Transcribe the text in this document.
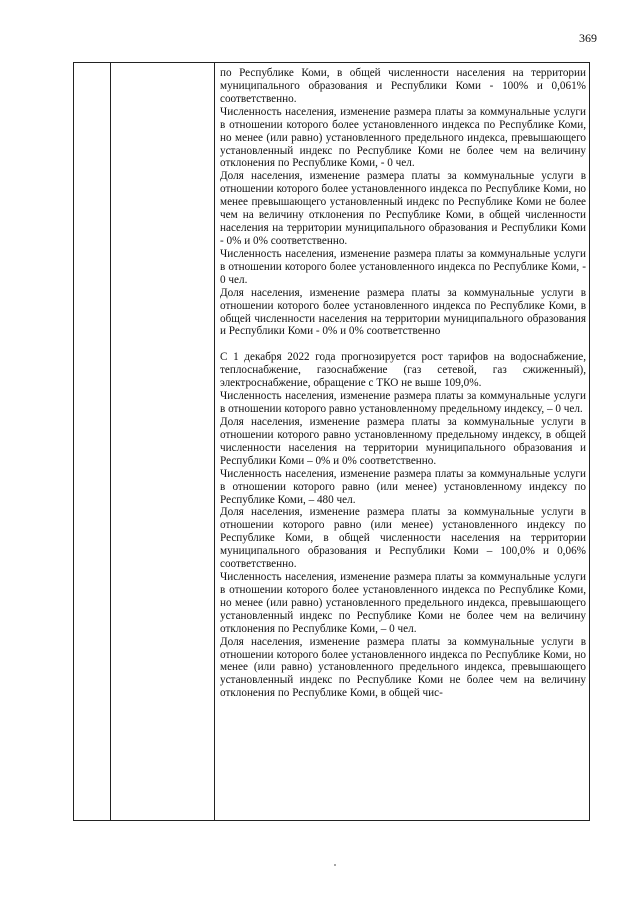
369

по Республике Коми, в общей численности населения на территории муниципального образования и Республики Коми - 100% и 0,061% соответственно.

Численность населения, изменение размера платы за коммунальные услуги в отношении которого более установленного индекса по Республике Коми, но менее (или равно) установленного предельного индекса, превышающего установленный индекс по Республике Коми не более чем на величину отклонения по Республике Коми, - 0 чел.

Доля населения, изменение размера платы за коммунальные услуги в отношении которого более установленного индекса по Республике Коми, но менее превышающего установленный индекс по Республике Коми не более чем на величину отклонения по Республике Коми, в общей численности населения на территории муниципального образования и Республики Коми - 0% и 0% соответственно.

Численность населения, изменение размера платы за коммунальные услуги в отношении которого более установленного индекса по Республике Коми, - 0 чел.

Доля населения, изменение размера платы за коммунальные услуги в отношении которого более установленного индекса по Республике Коми, в общей численности населения на территории муниципального образования и Республики Коми - 0% и 0% соответственно

С 1 декабря 2022 года прогнозируется рост тарифов на водоснабжение, теплоснабжение, газоснабжение (газ сетевой, газ сжиженный), электроснабжение, обращение с ТКО не выше 109,0%.

Численность населения, изменение размера платы за коммунальные услуги в отношении которого равно установленному предельному индексу, – 0 чел.

Доля населения, изменение размера платы за коммунальные услуги в отношении которого равно установленному предельному индексу, в общей численности населения на территории муниципального образования и Республики Коми – 0% и 0% соответственно.

Численность населения, изменение размера платы за коммунальные услуги в отношении которого равно (или менее) установленному индексу по Республике Коми, – 480 чел.

Доля населения, изменение размера платы за коммунальные услуги в отношении которого равно (или менее) установленного индексу по Республике Коми, в общей численности населения на территории муниципального образования и Республики Коми – 100,0% и 0,06% соответственно.

Численность населения, изменение размера платы за коммунальные услуги в отношении которого более установленного индекса по Республике Коми, но менее (или равно) установленного предельного индекса, превышающего установленный индекс по Республике Коми не более чем на величину отклонения по Республике Коми, – 0 чел.

Доля населения, изменение размера платы за коммунальные услуги в отношении которого более установленного индекса по Республике Коми, но менее (или равно) установленного предельного индекса, превышающего установленный индекс по Республике Коми не более чем на величину отклонения по Республике Коми, в общей чис-
